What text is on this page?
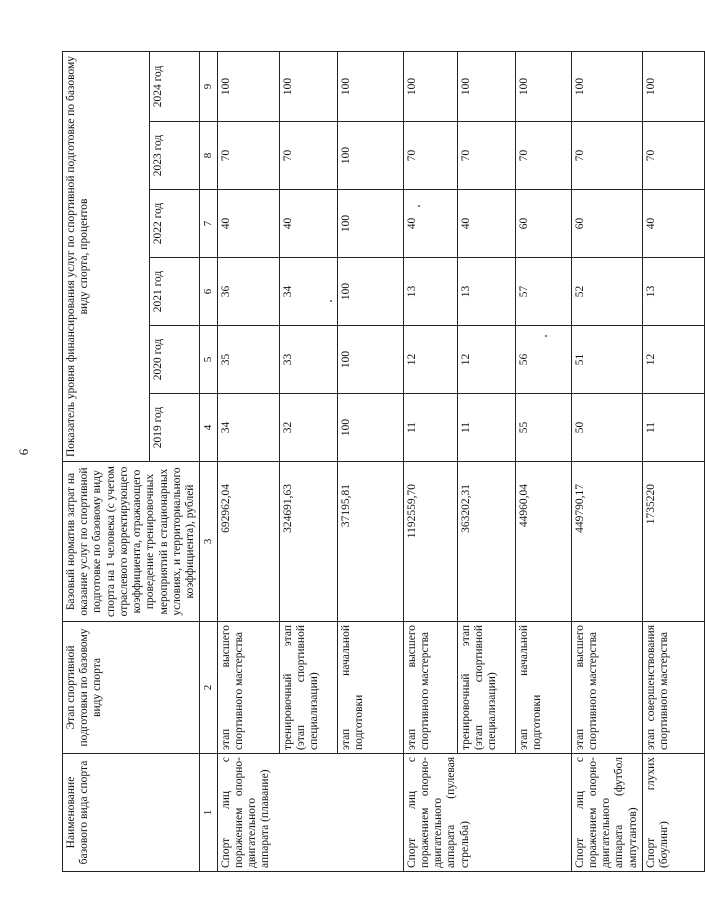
6
Наименование базового вида спорта	Этап спортивной подготовки по базовому виду спорта	Базовый норматив затрат на оказание услуг по спортивной подготовке по базовому виду спорта на 1 человека (с учетом отраслевого корректирующего коэффициента, отражающего проведение тренировочных мероприятий в стационарных условиях, и территориального коэффициента), рублей	Показатель уровня финансирования услуг по спортивной подготовке по базовому виду спорта, процентов					
			2019 год	2020 год	2021 год	2022 год	2023 год	2024 год
1	2	3	4	5	6	7	8	9
Спорт лиц с поражением опорно-двигательного аппарата (плавание)	этап высшего спортивного мастерства	692962,04	34	35	36	40	70	100
	тренировочный этап (этап спортивной специализации)	324691,63	32	33	34	40	70	100
	этап начальной подготовки	37195,81	100	100	100	100	100	100
Спорт лиц с поражением опорно-двигательного аппарата (пулевая стрельба)	этап высшего спортивного мастерства	1192559,70	11	12	13	40	70	100
	тренировочный этап (этап спортивной специализации)	363202,31	11	12	13	40	70	100
	этап начальной подготовки	44960,04	55	56	57	60	70	100
Спорт лиц с поражением опорно-двигательного аппарата (футбол ампутантов)	этап высшего спортивного мастерства	449790,17	50	51	52	60	70	100
Спорт глухих (боулинг)	этап совершенствования спортивного мастерства	1735220	11	12	13	40	70	100
